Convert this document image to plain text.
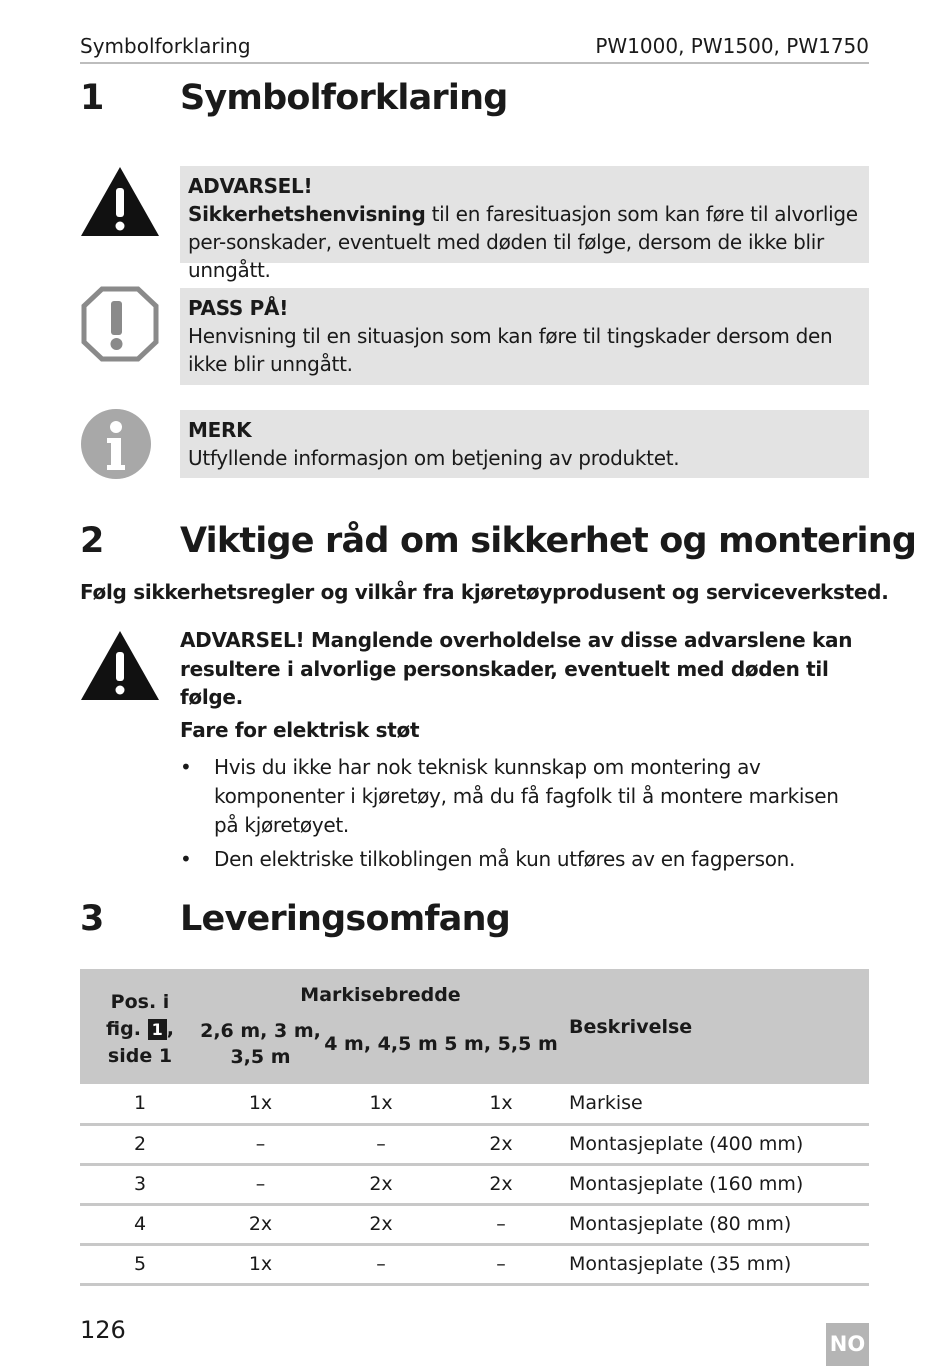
Symbolforklaring	PW1000, PW1500, PW1750
1 Symbolforklaring
ADVARSEL!
Sikkerhetshenvisning til en faresituasjon som kan føre til alvorlige per-sonskader, eventuelt med døden til følge, dersom de ikke blir unngått.
PASS PÅ!
Henvisning til en situasjon som kan føre til tingskader dersom den ikke blir unngått.
MERK
Utfyllende informasjon om betjening av produktet.
2 Viktige råd om sikkerhet og montering
Følg sikkerhetsregler og vilkår fra kjøretøyprodusent og serviceverksted.
ADVARSEL! Manglende overholdelse av disse advarslene kan resultere i alvorlige personskader, eventuelt med døden til følge.
Fare for elektrisk støt
• Hvis du ikke har nok teknisk kunnskap om montering av komponenter i kjøretøy, må du få fagfolk til å montere markisen på kjøretøyet.
• Den elektriske tilkoblingen må kun utføres av en fagperson.
3 Leveringsomfang
Pos. i
fig. 1 ,
side 1	Markisebredde			Beskrivelse
	2,6 m, 3 m, 3,5 m	4 m, 4,5 m	5 m, 5,5 m	
1	1x	1x	1x	Markise
2	–	–	2x	Montasjeplate (400 mm)
3	–	2x	2x	Montasjeplate (160 mm)
4	2x	2x	–	Montasjeplate (80 mm)
5	1x	–	–	Montasjeplate (35 mm)
126	NO
